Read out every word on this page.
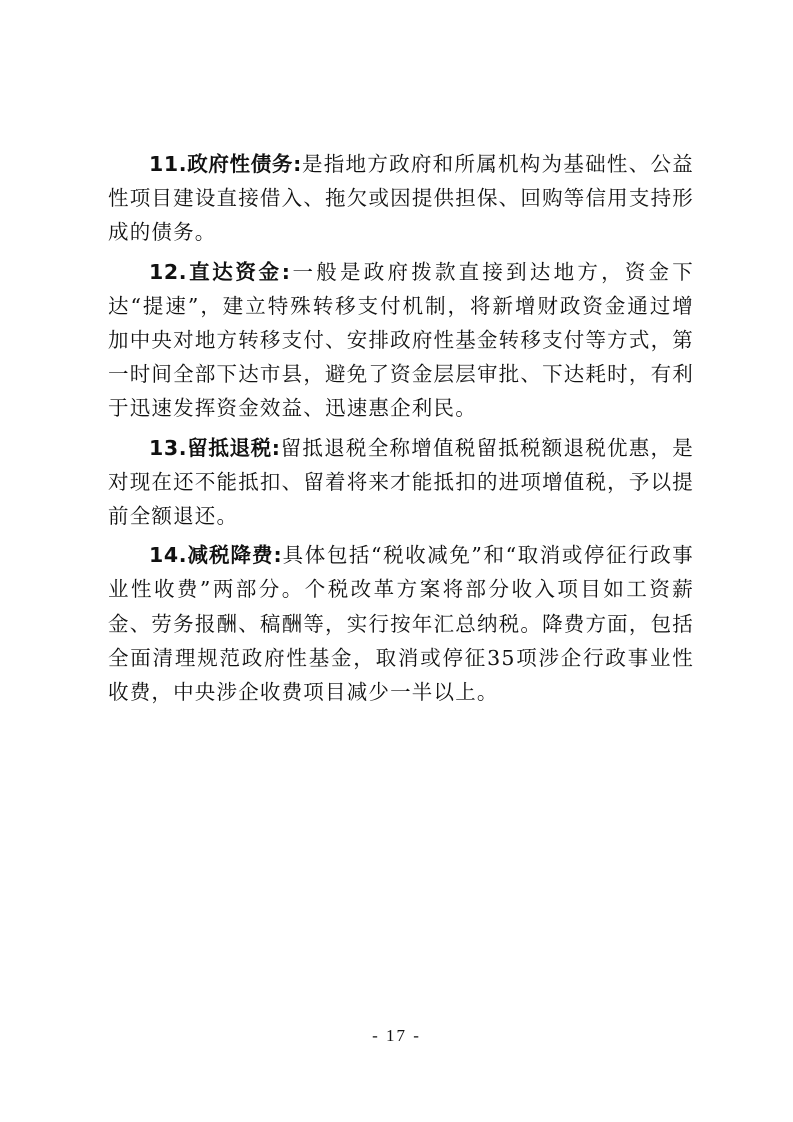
11.政府性债务:是指地方政府和所属机构为基础性、公益性项目建设直接借入、拖欠或因提供担保、回购等信用支持形成的债务。

12.直达资金:一般是政府拨款直接到达地方，资金下达“提速”，建立特殊转移支付机制，将新增财政资金通过增加中央对地方转移支付、安排政府性基金转移支付等方式，第一时间全部下达市县，避免了资金层层审批、下达耗时，有利于迅速发挥资金效益、迅速惠企利民。

13.留抵退税:留抵退税全称增值税留抵税额退税优惠，是对现在还不能抵扣、留着将来才能抵扣的进项增值税，予以提前全额退还。

14.减税降费:具体包括“税收减免”和“取消或停征行政事业性收费”两部分。个税改革方案将部分收入项目如工资薪金、劳务报酬、稿酬等，实行按年汇总纳税。降费方面，包括全面清理规范政府性基金，取消或停征35项涉企行政事业性收费，中央涉企收费项目减少一半以上。

- 17 -
